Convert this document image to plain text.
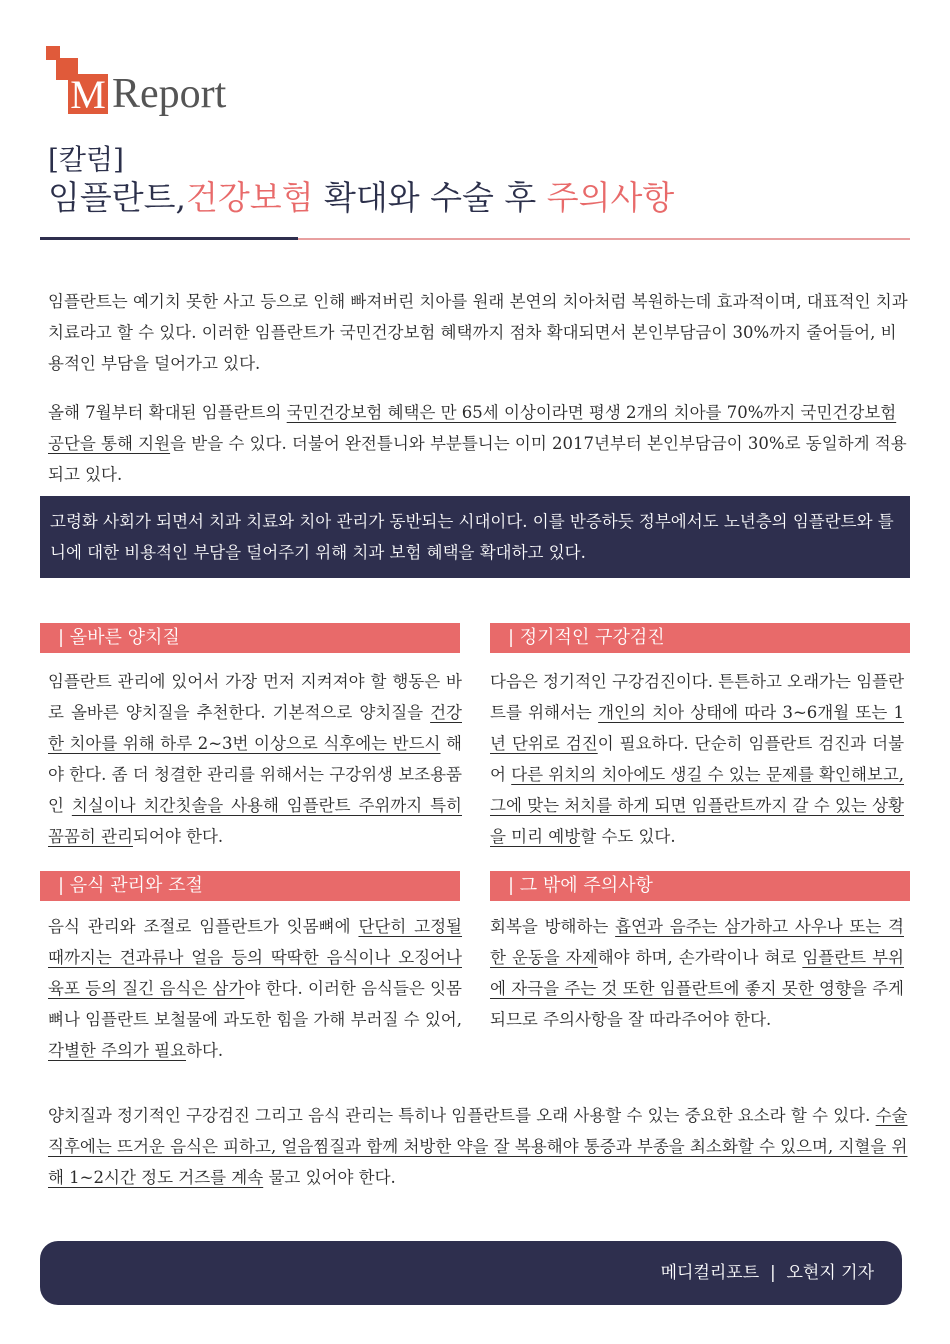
M Report
[칼럼]
임플란트,건강보험 확대와 수술 후 주의사항
임플란트는 예기치 못한 사고 등으로 인해 빠져버린 치아를 원래 본연의 치아처럼 복원하는데 효과적이며, 대표적인 치과 치료라고 할 수 있다. 이러한 임플란트가 국민건강보험 혜택까지 점차 확대되면서 본인부담금이 30%까지 줄어들어, 비용적인 부담을 덜어가고 있다.
올해 7월부터 확대된 임플란트의 국민건강보험 혜택은 만 65세 이상이라면 평생 2개의 치아를 70%까지 국민건강보험공단을 통해 지원을 받을 수 있다. 더불어 완전틀니와 부분틀니는 이미 2017년부터 본인부담금이 30%로 동일하게 적용되고 있다.
고령화 사회가 되면서 치과 치료와 치아 관리가 동반되는 시대이다. 이를 반증하듯 정부에서도 노년층의 임플란트와 틀니에 대한 비용적인 부담을 덜어주기 위해 치과 보험 혜택을 확대하고 있다.
| 올바른 양치질
임플란트 관리에 있어서 가장 먼저 지켜져야 할 행동은 바로 올바른 양치질을 추천한다. 기본적으로 양치질을 건강한 치아를 위해 하루 2~3번 이상으로 식후에는 반드시 해야 한다. 좀 더 청결한 관리를 위해서는 구강위생 보조용품인 치실이나 치간칫솔을 사용해 임플란트 주위까지 특히 꼼꼼히 관리되어야 한다.
| 정기적인 구강검진
다음은 정기적인 구강검진이다. 튼튼하고 오래가는 임플란트를 위해서는 개인의 치아 상태에 따라 3~6개월 또는 1년 단위로 검진이 필요하다. 단순히 임플란트 검진과 더불어 다른 위치의 치아에도 생길 수 있는 문제를 확인해보고, 그에 맞는 처치를 하게 되면 임플란트까지 갈 수 있는 상황을 미리 예방할 수도 있다.
| 음식 관리와 조절
음식 관리와 조절로 임플란트가 잇몸뼈에 단단히 고정될 때까지는 견과류나 얼음 등의 딱딱한 음식이나 오징어나 육포 등의 질긴 음식은 삼가야 한다. 이러한 음식들은 잇몸뼈나 임플란트 보철물에 과도한 힘을 가해 부러질 수 있어, 각별한 주의가 필요하다.
| 그 밖에 주의사항
회복을 방해하는 흡연과 음주는 삼가하고 사우나 또는 격한 운동을 자제해야 하며, 손가락이나 혀로 임플란트 부위에 자극을 주는 것 또한 임플란트에 좋지 못한 영향을 주게 되므로 주의사항을 잘 따라주어야 한다.
양치질과 정기적인 구강검진 그리고 음식 관리는 특히나 임플란트를 오래 사용할 수 있는 중요한 요소라 할 수 있다. 수술 직후에는 뜨거운 음식은 피하고, 얼음찜질과 함께 처방한 약을 잘 복용해야 통증과 부종을 최소화할 수 있으며, 지혈을 위해 1~2시간 정도 거즈를 계속 물고 있어야 한다.
메디컬리포트  |  오현지 기자
